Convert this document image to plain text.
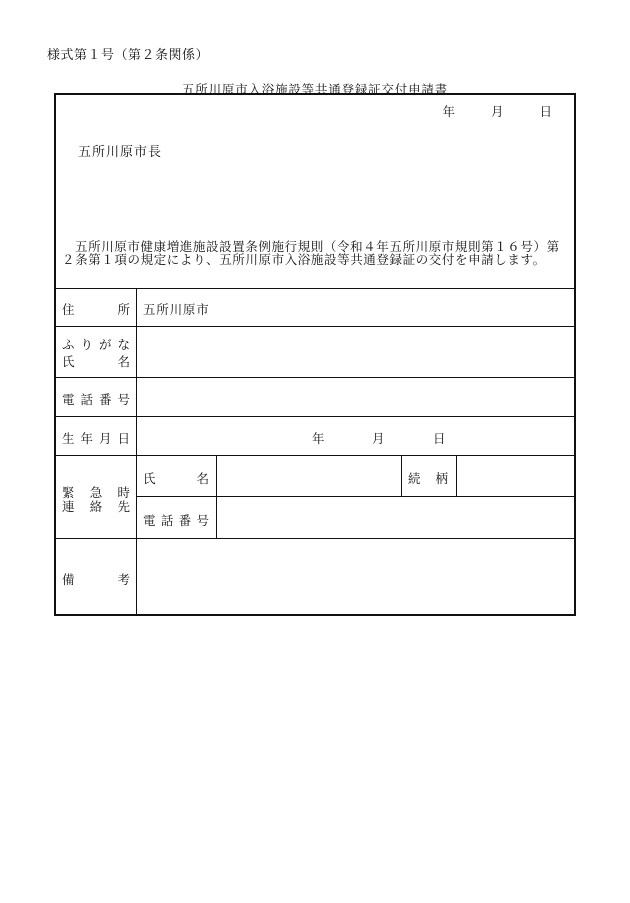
様式第１号（第２条関係）
五所川原市入浴施設等共通登録証交付申請書
年	月	日
五所川原市長
五所川原市健康増進施設設置条例施行規則（令和４年五所川原市規則第１６号）第２条第１項の規定により、五所川原市入浴施設等共通登録証の交付を申請します。
住	所 五所川原市
ふ り が な
氏	名
電 話 番 号
生 年 月 日	年	月	日
緊 急 時
連 絡 先
氏	名	続 柄
電 話 番 号
備	考
